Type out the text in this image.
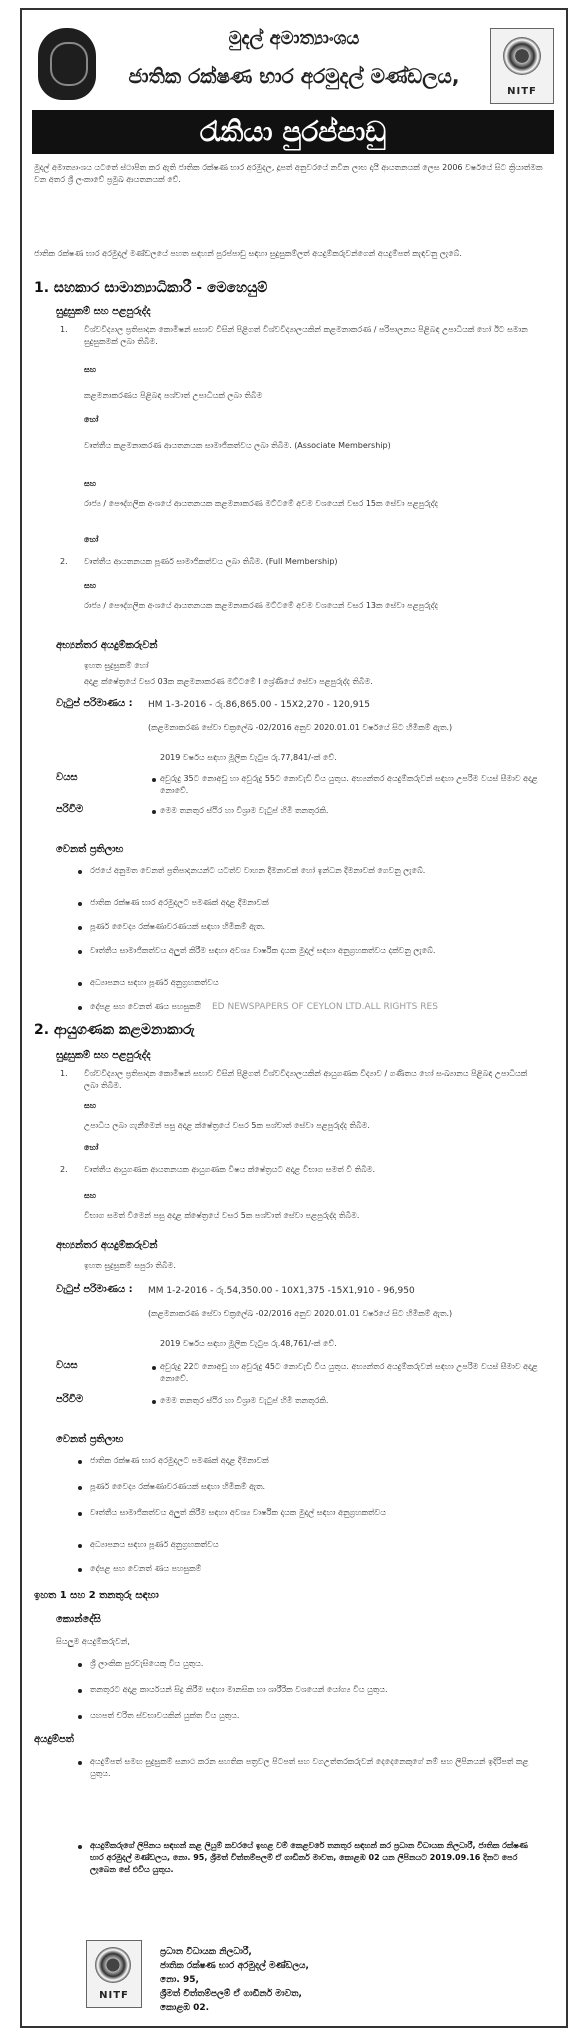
මුදල් අමාත්‍යාංශය
ජාතික රක්ෂණ භාර අරමුදල් මණ්ඩලය,
NITF
රැකියා පුරප්පාඩු
මුදල් අමාත්‍යාංශය යටතේ ස්ථාපිත කර ඇති ජාතික රක්ෂණ භාර අරමුදල, දූපත් අනුවරයේ නවීන ලාභ දායී ආයතනයක් ලෙස 2006 වර්ෂයේ සිට ක්‍රියාත්මක වන අතර ශ්‍රී ලංකාවේ ප්‍රමුඛ ආයතනයක් වේ.
ජාතික රක්ෂණ භාර අරමුදල් මණ්ඩලයේ පහත සඳහන් පුරප්පාඩු සඳහා සුදුසුකම්ලත් අයදුම්කරුවන්ගෙන් අයදුම්පත් කැඳවනු ලැබේ.
1. සහකාර සාමාන්‍යාධිකාරී - මෙහෙයුම්
සුදුසුකම් සහ පළපුරුද්ද
1. විශ්වවිද්‍යාල ප්‍රතිපාදන කොමිෂන් සභාව විසින් පිළිගත් විශ්වවිද්‍යාලයකින් කළමනාකරණ / පරිපාලනය පිළිබඳ උපාධියක් හෝ ඊට සමාන සුදුසුකමක් ලබා තිබීම.
සහ
කළමනාකරණය පිළිබඳ පශ්චාත් උපාධියක් ලබා තිබීම
හෝ
වෘත්තීය කළමනාකරණ ආයතනයක සාමාජිකත්වය ලබා තිබීම. (Associate Membership)
සහ
රාජ්‍ය / පෞද්ගලික අංශයේ ආයතනයක කළමනාකරණ මට්ටමේ අවම වශයෙන් වසර 15ක සේවා පළපුරුද්ද
හෝ
2. වෘත්තීය ආයතනයක පූර්ණ සාමාජිකත්වය ලබා තිබීම. (Full Membership)
සහ
රාජ්‍ය / පෞද්ගලික අංශයේ ආයතනයක කළමනාකරණ මට්ටමේ අවම වශයෙන් වසර 13ක සේවා පළපුරුද්ද
අභ්‍යන්තර අයදුම්කරුවන්
ඉහත සුදුසුකම් හෝ
අදාළ ක්ෂේත්‍රයේ වසර 03ක කළමනාකරණ මට්ටමේ I ශ්‍රේණියේ සේවා පළපුරුද්ද තිබීම.
වැටුප් පරිමාණය : HM 1-3-2016 - රු.86,865.00 - 15X2,270 - 120,915
(කළමනාකරණ සේවා චක්‍රලේඛ -02/2016 අනුව 2020.01.01 වර්ෂයේ සිට හිමිකම් ඇත.)
2019 වර්ෂය සඳහා මූලික වැටුප රු.77,841/-ක් වේ.
වයස	අවුරුදු 35ට නොඅඩු හා අවුරුදු 55ට නොවැඩි විය යුතුය. අභ්‍යන්තර අයදුම්කරුවන් සඳහා උපරිම වයස් සීමාව අදාළ නොවේ.
පරිවීම	මෙම තනතුර ස්ථිර හා විශ්‍රාම වැටුප් හිමි තනතුරකි.
වෙනත් ප්‍රතිලාභ
රජයේ අනුමත වෙනත් ප්‍රතිපාදනයන්ට යටත්ව වාහන දීමනාවක් හෝ ඉන්ධන දීමනාවක් ගෙවනු ලැබේ.
ජාතික රක්ෂණ භාර අරමුදලට පමණක් අදාළ දීමනාවක්
පූර්ණ වෛද්‍ය රක්ෂණාවරණයක් සඳහා හිමිකම් ඇත.
වෘත්තීය සාමාජිකත්වය අලුත් කිරීම සඳහා අවශ්‍ය වාර්ෂික දායක මුදල් සඳහා අනුග්‍රහකත්වය දක්වනු ලැබේ.
අධ්‍යාපනය සඳහා පූර්ණ අනුග්‍රහකත්වය
දේපළ සහ වෙනත් ණය පහසුකම්	ED NEWSPAPERS OF CEYLON LTD.ALL RIGHTS RES
2. ආයුගණක කළමනාකාරු
සුදුසුකම් සහ පළපුරුද්ද
1. විශ්වවිද්‍යාල ප්‍රතිපාදන කොමිෂන් සභාව විසින් පිළිගත් විශ්වවිද්‍යාලයකින් ආයුගණක විද්‍යාව / ගණිතය හෝ සංඛ්‍යානය පිළිබඳ උපාධියක් ලබා තිබීම.
සහ
උපාධිය ලබා ගැනීමෙන් පසු අදාළ ක්ෂේත්‍රයේ වසර 5ක පශ්චාත් සේවා පළපුරුද්ද තිබීම.
හෝ
2. වෘත්තීය ආයුගණක ආයතනයක ආයුගණක විෂය ක්ෂේත්‍රයට අදාළ විභාග සමත් වී තිබීම.
සහ
විභාග සමත් වීමෙන් පසු අදාළ ක්ෂේත්‍රයේ වසර 5ක පශ්චාත් සේවා පළපුරුද්ද තිබීම.
අභ්‍යන්තර අයදුම්කරුවන්
ඉහත සුදුසුකම් සපුරා තිබීම.
වැටුප් පරිමාණය : MM 1-2-2016 - රු.54,350.00 - 10X1,375 -15X1,910 - 96,950
(කළමනාකරණ සේවා චක්‍රලේඛ -02/2016 අනුව 2020.01.01 වර්ෂයේ සිට හිමිකම් ඇත.)
2019 වර්ෂය සඳහා මූලික වැටුප රු.48,761/-ක් වේ.
වයස	අවුරුදු 22ට නොඅඩු හා අවුරුදු 45ට නොවැඩි විය යුතුය. අභ්‍යන්තර අයදුම්කරුවන් සඳහා උපරිම වයස් සීමාව අදාළ නොවේ.
පරිවීම	මෙම තනතුර ස්ථිර හා විශ්‍රාම වැටුප් හිමි තනතුරකි.
වෙනත් ප්‍රතිලාභ
ජාතික රක්ෂණ භාර අරමුදලට පමණක් අදාළ දීමනාවක්
පූර්ණ වෛද්‍ය රක්ෂණාවරණයක් සඳහා හිමිකම් ඇත.
වෘත්තීය සාමාජිකත්වය අලුත් කිරීම සඳහා අවශ්‍ය වාර්ෂික දායක මුදල් සඳහා අනුග්‍රහකත්වය
අධ්‍යාපනය සඳහා පූර්ණ අනුග්‍රහකත්වය
දේපළ සහ වෙනත් ණය පහසුකම්
ඉහත 1 සහ 2 තනතුරු සඳහා
කොන්දේසි
සියලුම අයදුම්කරුවන්,
ශ්‍රී ලාංකික පුරවැසියෙකු විය යුතුය.
තනතුරට අදාළ කාර්යයන් සිදු කිරීම සඳහා මානසික හා ශාරීරික වශයෙන් යෝග්‍ය විය යුතුය.
යහපත් චරිත ස්වභාවයකින් යුක්ත විය යුතුය.
අයදුම්පත්
අයදුම්පත් සමඟ සුදුසුකම් සනාථ කරන සහතික පත්‍රවල පිටපත් සහ වගඋත්තරකරුවන් දෙදෙනෙකුගේ නම් සහ ලිපිනයන් ඉදිරිපත් කළ යුතුය.
අයදුම්කරුගේ ලිපිනය සඳහන් කළ ලියුම් කවරයේ ඉහළ වම් කෙළවරේ තනතුර සඳහන් කර ප්‍රධාන විධායක නිලධාරී, ජාතික රක්ෂණ භාර අරමුදල් මණ්ඩලය, නො. 95, ශ්‍රීමත් චිත්තම්පලම් ඒ ගාඩිනර් මාවත, කොළඹ 02 යන ලිපිනයට 2019.09.16 දිනට පෙර ලැබෙන සේ එවිය යුතුය.
NITF
ප්‍රධාන විධායක නිලධාරී,
ජාතික රක්ෂණ භාර අරමුදල් මණ්ඩලය,
නො. 95,
ශ්‍රීමත් චිත්තම්පලම් ඒ ගාඩිනර් මාවත,
කොළඹ 02.
